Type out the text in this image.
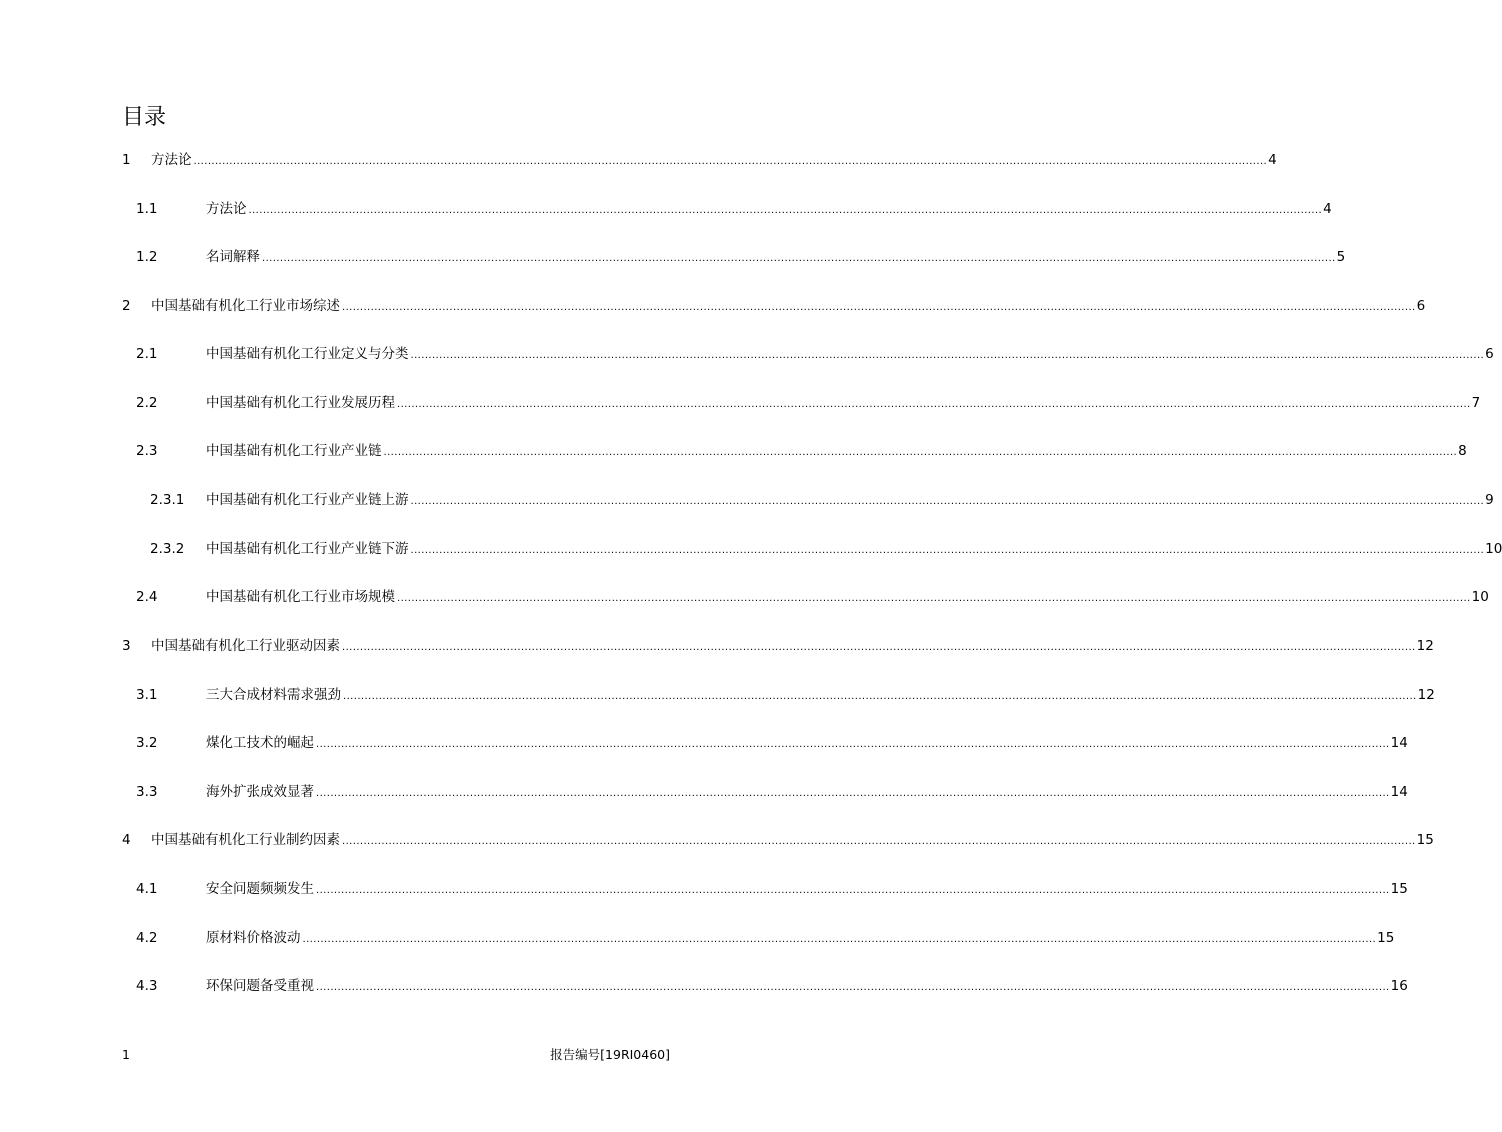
目录
1	方法论 ............................................................................................................................................................................................................................................................................................................ 4
1.1	方法论 ............................................................................................................................................................................................................................................................................................................ 4
1.2	名词解释 ............................................................................................................................................................................................................................................................................................................ 5
2	中国基础有机化工行业市场综述 ............................................................................................................................................................................................................................................................................................................ 6
2.1	中国基础有机化工行业定义与分类 ............................................................................................................................................................................................................................................................................................................ 6
2.2	中国基础有机化工行业发展历程 ............................................................................................................................................................................................................................................................................................................ 7
2.3	中国基础有机化工行业产业链 ............................................................................................................................................................................................................................................................................................................ 8
2.3.1	中国基础有机化工行业产业链上游 ............................................................................................................................................................................................................................................................................................................ 9
2.3.2	中国基础有机化工行业产业链下游 ............................................................................................................................................................................................................................................................................................................ 10
2.4	中国基础有机化工行业市场规模 ............................................................................................................................................................................................................................................................................................................ 10
3	中国基础有机化工行业驱动因素 ............................................................................................................................................................................................................................................................................................................ 12
3.1	三大合成材料需求强劲 ............................................................................................................................................................................................................................................................................................................ 12
3.2	煤化工技术的崛起 ............................................................................................................................................................................................................................................................................................................ 14
3.3	海外扩张成效显著 ............................................................................................................................................................................................................................................................................................................ 14
4	中国基础有机化工行业制约因素 ............................................................................................................................................................................................................................................................................................................ 15
4.1	安全问题频频发生 ............................................................................................................................................................................................................................................................................................................ 15
4.2	原材料价格波动 ............................................................................................................................................................................................................................................................................................................ 15
4.3	环保问题备受重视 ............................................................................................................................................................................................................................................................................................................ 16
1	报告编号[19RI0460]
